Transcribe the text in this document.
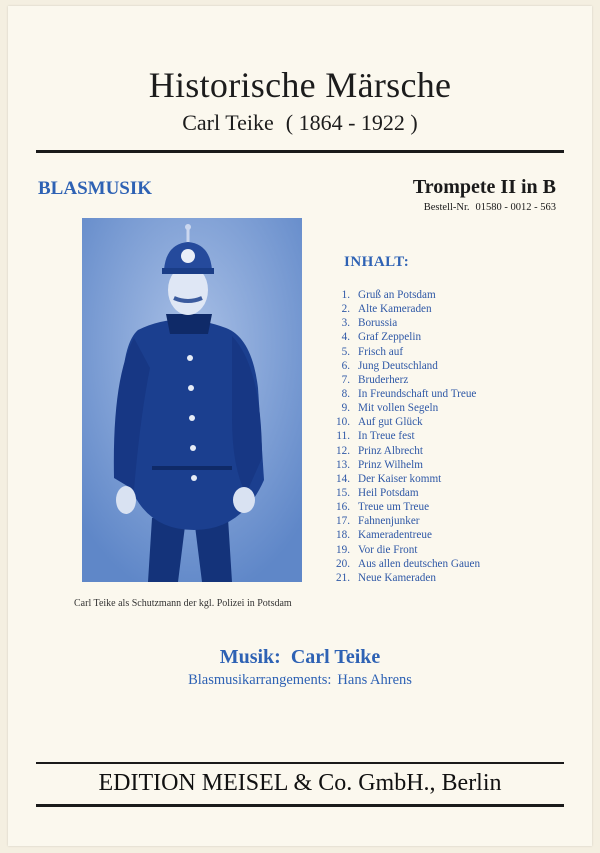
Historische Märsche
Carl Teike ( 1864 - 1922 )
BLASMUSIK	Trompete II in B
Bestell-Nr. 01580 - 0012 - 563
Carl Teike als Schutzmann der kgl. Polizei in Potsdam
INHALT:
1. Gruß an Potsdam
2. Alte Kameraden
3. Borussia
4. Graf Zeppelin
5. Frisch auf
6. Jung Deutschland
7. Bruderherz
8. In Freundschaft und Treue
9. Mit vollen Segeln
10. Auf gut Glück
11. In Treue fest
12. Prinz Albrecht
13. Prinz Wilhelm
14. Der Kaiser kommt
15. Heil Potsdam
16. Treue um Treue
17. Fahnenjunker
18. Kameradentreue
19. Vor die Front
20. Aus allen deutschen Gauen
21. Neue Kameraden
Musik: Carl Teike
Blasmusikarrangements: Hans Ahrens
EDITION MEISEL & Co. GmbH., Berlin
